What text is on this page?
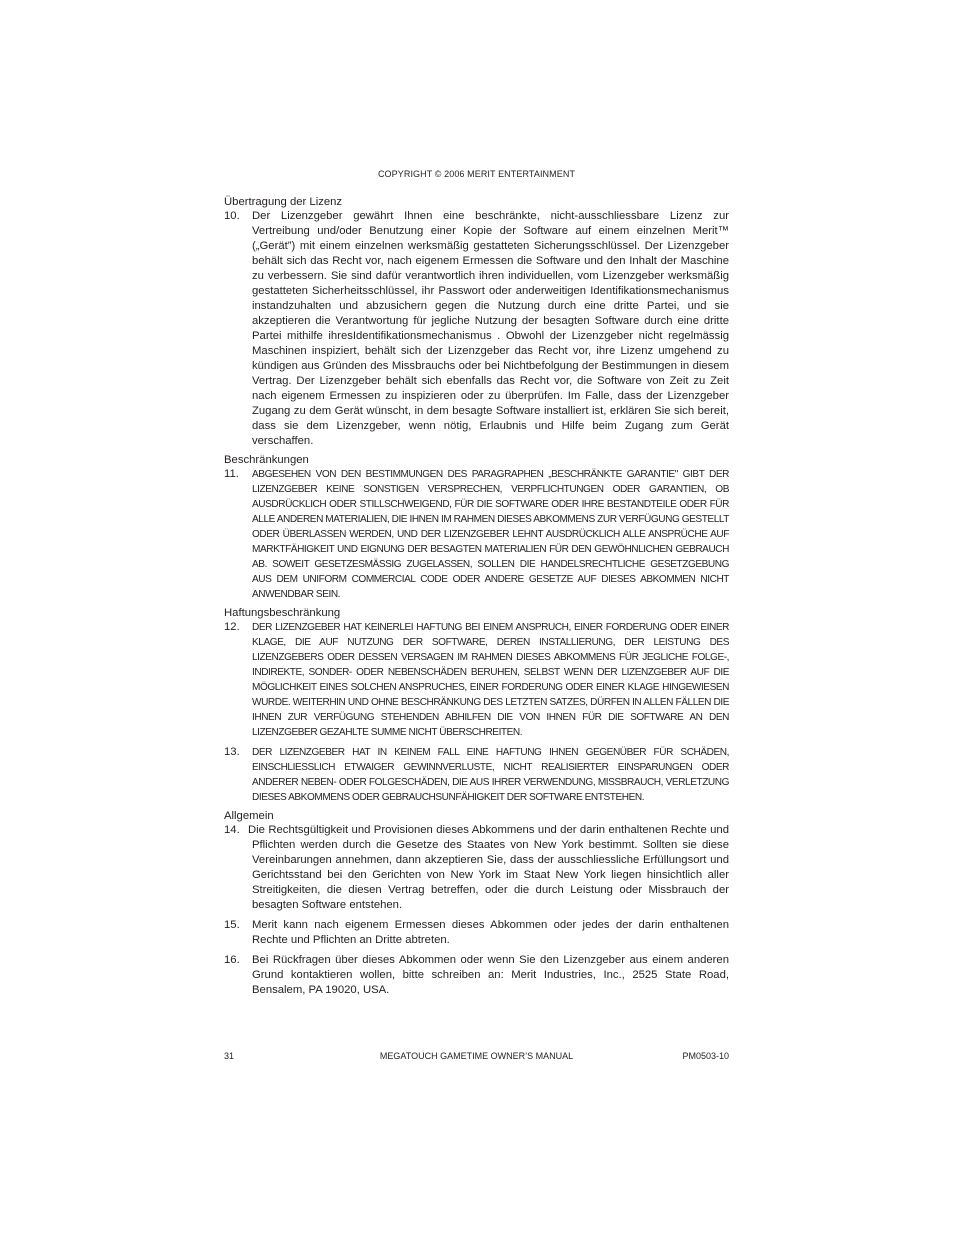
COPYRIGHT © 2006 MERIT ENTERTAINMENT

Übertragung der Lizenz

10.	Der Lizenzgeber gewährt Ihnen eine beschränkte, nicht-ausschliessbare Lizenz zur Vertreibung und/oder Benutzung einer Kopie der Software auf einem einzelnen Merit™ („Gerät”) mit einem einzelnen werksmäßig gestatteten Sicherungsschlüssel. Der Lizenzgeber behält sich das Recht vor, nach eigenem Ermessen die Software und den Inhalt der Maschine zu verbessern. Sie sind dafür verantwortlich ihren individuellen, vom Lizenzgeber werksmäßig gestatteten Sicherheitsschlüssel, ihr Passwort oder anderweitigen Identifikationsmechanismus instandzuhalten und abzusichern gegen die Nutzung durch eine dritte Partei, und sie akzeptieren die Verantwortung für jegliche Nutzung der besagten Software durch eine dritte Partei mithilfe ihresIdentifikationsmechanismus . Obwohl der Lizenzgeber nicht regelmässig Maschinen inspiziert, behält sich der Lizenzgeber das Recht vor, ihre Lizenz umgehend zu kündigen aus Gründen des Missbrauchs oder bei Nichtbefolgung der Bestimmungen in diesem Vertrag. Der Lizenzgeber behält sich ebenfalls das Recht vor, die Software von Zeit zu Zeit nach eigenem Ermessen zu inspizieren oder zu überprüfen. Im Falle, dass der Lizenzgeber Zugang zu dem Gerät wünscht, in dem besagte Software installiert ist, erklären Sie sich bereit, dass sie dem Lizenzgeber, wenn nötig, Erlaubnis und Hilfe beim Zugang zum Gerät verschaffen.

Beschränkungen

11.	ABGESEHEN VON DEN BESTIMMUNGEN DES PARAGRAPHEN „BESCHRÄNKTE GARANTIE" GIBT DER LIZENZGEBER KEINE SONSTIGEN VERSPRECHEN, VERPFLICHTUNGEN ODER GARANTIEN, OB AUSDRÜCKLICH ODER STILLSCHWEIGEND, FÜR DIE SOFTWARE ODER IHRE BESTANDTEILE ODER FÜR ALLE ANDEREN MATERIALIEN, DIE IHNEN IM RAHMEN DIESES ABKOMMENS ZUR VERFÜGUNG GESTELLT ODER ÜBERLASSEN WERDEN, UND DER LIZENZGEBER LEHNT AUSDRÜCKLICH ALLE ANSPRÜCHE AUF MARKTFÄHIGKEIT UND EIGNUNG DER BESAGTEN MATERIALIEN FÜR DEN GEWÖHNLICHEN GEBRAUCH AB. SOWEIT GESETZESMÄSSIG ZUGELASSEN, SOLLEN DIE HANDELSRECHTLICHE GESETZGEBUNG AUS DEM UNIFORM COMMERCIAL CODE ODER ANDERE GESETZE AUF DIESES ABKOMMEN NICHT ANWENDBAR SEIN.

Haftungsbeschränkung

12.	DER LIZENZGEBER HAT KEINERLEI HAFTUNG BEI EINEM ANSPRUCH, EINER FORDERUNG ODER EINER KLAGE, DIE AUF NUTZUNG DER SOFTWARE, DEREN INSTALLIERUNG, DER LEISTUNG DES LIZENZGEBERS ODER DESSEN VERSAGEN IM RAHMEN DIESES ABKOMMENS FÜR JEGLICHE FOLGE-, INDIREKTE, SONDER- ODER NEBENSCHÄDEN BERUHEN, SELBST WENN DER LIZENZGEBER AUF DIE MÖGLICHKEIT EINES SOLCHEN ANSPRUCHES, EINER FORDERUNG ODER EINER KLAGE HINGEWIESEN WURDE. WEITERHIN UND OHNE BESCHRÄNKUNG DES LETZTEN SATZES, DÜRFEN IN ALLEN FÄLLEN DIE IHNEN ZUR VERFÜGUNG STEHENDEN ABHILFEN DIE VON IHNEN FÜR DIE SOFTWARE AN DEN LIZENZGEBER GEZAHLTE SUMME NICHT ÜBERSCHREITEN.
13.	DER LIZENZGEBER HAT IN KEINEM FALL EINE HAFTUNG IHNEN GEGENÜBER FÜR SCHÄDEN, EINSCHLIESSLICH ETWAIGER GEWINNVERLUSTE, NICHT REALISIERTER EINSPARUNGEN ODER ANDERER NEBEN- ODER FOLGESCHÄDEN, DIE AUS IHRER VERWENDUNG, MISSBRAUCH, VERLETZUNG DIESES ABKOMMENS ODER GEBRAUCHSUNFÄHIGKEIT DER SOFTWARE ENTSTEHEN.

Allgemein

14. Die Rechtsgültigkeit und Provisionen dieses Abkommens und der darin enthaltenen Rechte und Pflichten werden durch die Gesetze des Staates von New York bestimmt. Sollten sie diese Vereinbarungen annehmen, dann akzeptieren Sie, dass der ausschliessliche Erfüllungsort und Gerichtsstand bei den Gerichten von New York im Staat New York liegen hinsichtlich aller Streitigkeiten, die diesen Vertrag betreffen, oder die durch Leistung oder Missbrauch der besagten Software entstehen.
15.	Merit kann nach eigenem Ermessen dieses Abkommen oder jedes der darin enthaltenen Rechte und Pflichten an Dritte abtreten.
16.	Bei Rückfragen über dieses Abkommen oder wenn Sie den Lizenzgeber aus einem anderen Grund kontaktieren wollen, bitte schreiben an: Merit Industries, Inc., 2525 State Road, Bensalem, PA 19020, USA.
31	MEGATOUCH GAMETIME OWNER’S MANUAL	PM0503-10
